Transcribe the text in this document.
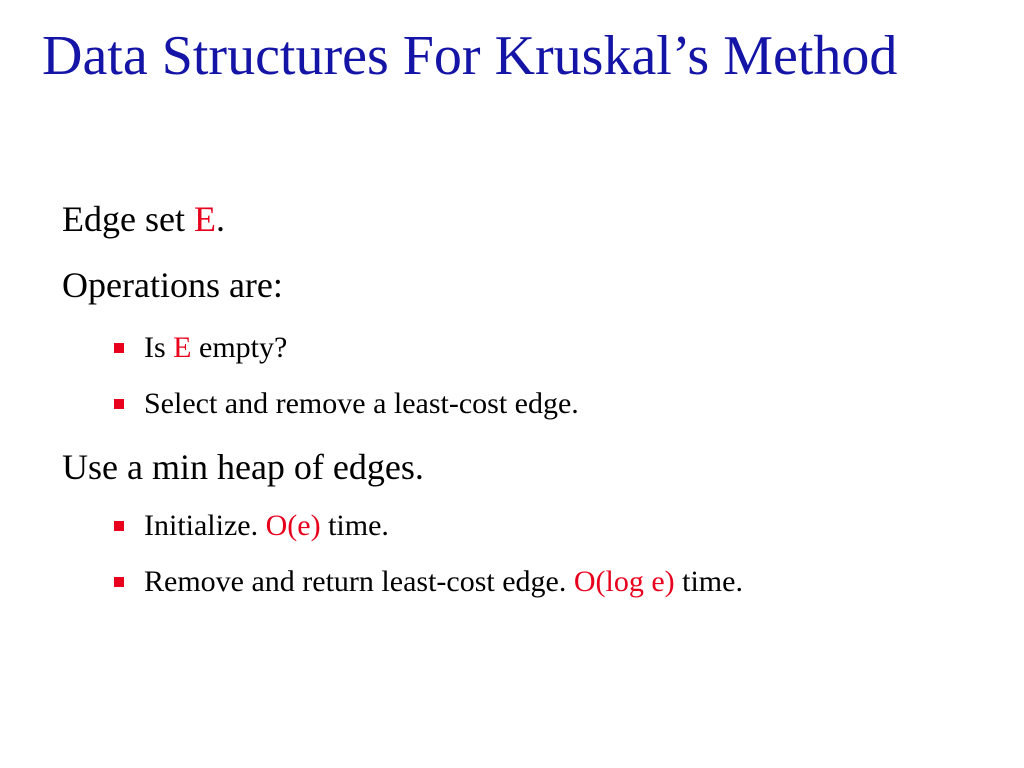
Data Structures For Kruskal’s Method
Edge set E.
Operations are:
Is E empty?
Select and remove a least-cost edge.
Use a min heap of edges.
Initialize. O(e) time.
Remove and return least-cost edge. O(log e) time.
